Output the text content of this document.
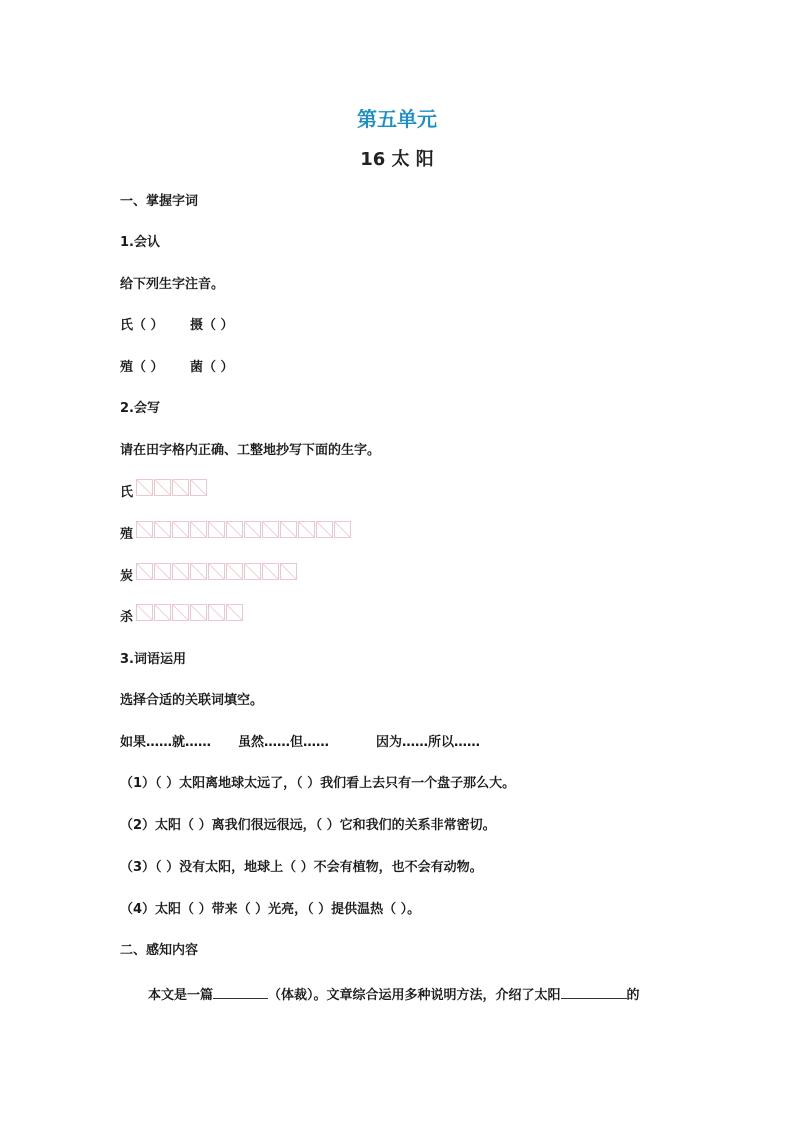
第五单元
16 太 阳
一、掌握字词
1.会认
给下列生字注音。
氏（ ） 摄（ ）
殖（ ） 菌（ ）
2.会写
请在田字格内正确、工整地抄写下面的生字。
氏
殖
炭
杀
3.词语运用
选择合适的关联词填空。
如果……就…… 虽然……但……	因为……所以……
（1）（ ）太阳离地球太远了，（ ）我们看上去只有一个盘子那么大。
（2）太阳（ ）离我们很远很远，（ ）它和我们的关系非常密切。
（3）（ ）没有太阳，地球上（ ）不会有植物，也不会有动物。
（4）太阳（ ）带来（ ）光亮，（ ）提供温热（ ）。
二、感知内容
本文是一篇	（体裁）。文章综合运用多种说明方法，介绍了太阳	的
